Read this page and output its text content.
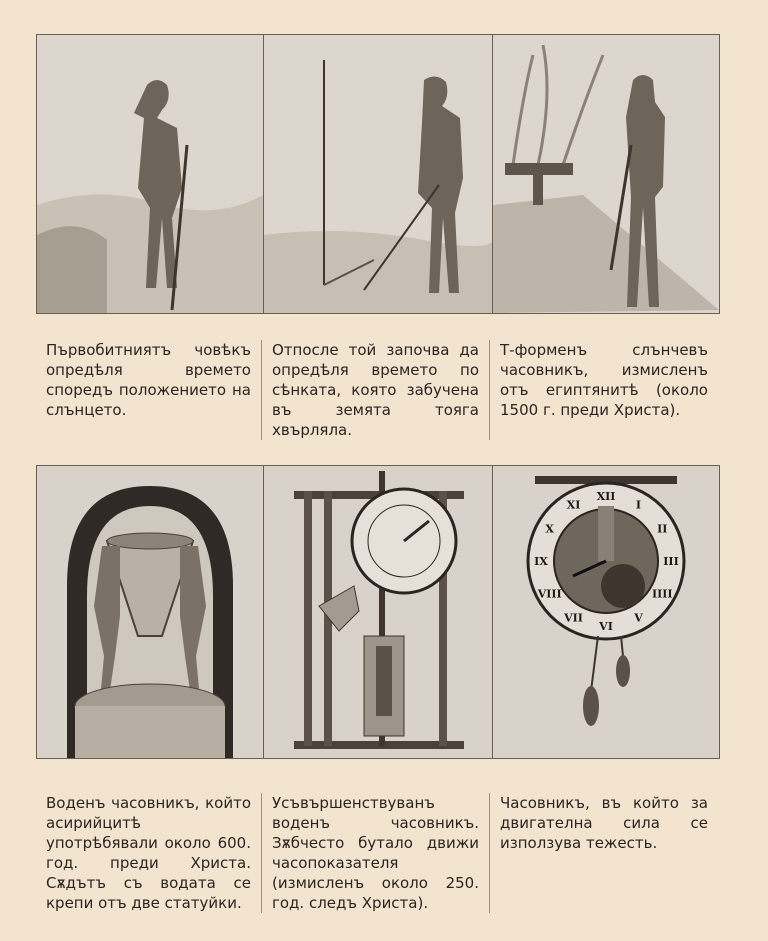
Първобитниятъ човѣкъ опредѣля времето споредъ положението на слънцето.
Отпосле той започва да опредѣля времето по сѣнката, която забучена въ земята тояга хвърляла.
Т-форменъ слънчевъ часовникъ, измисленъ отъ египтянитѣ (около 1500 г. преди Христа).
XII
I
II
III
IIII
V
VI
VII
VIII
IX
X
XI
Воденъ часовникъ, който асирийцитѣ употрѣбявали около 600. год. преди Христа. Сѫдътъ съ водата се крепи отъ две статуйки.
Усъвършенствуванъ воденъ часовникъ. Зѫбчесто бутало движи часопоказателя (измисленъ около 250. год. следъ Христа).
Часовникъ, въ който за двигателна сила се използува тежесть.
